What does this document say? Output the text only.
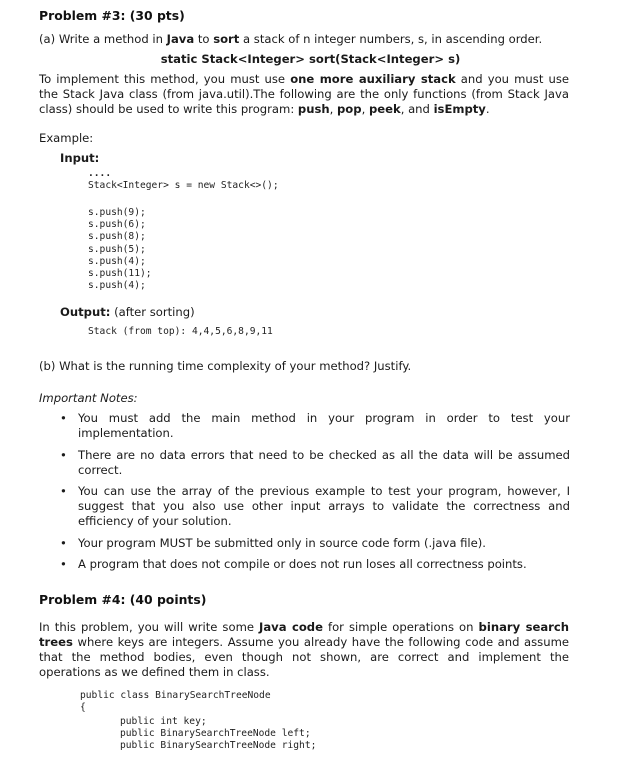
Problem #3: (30 pts)
(a) Write a method in Java to sort a stack of n integer numbers, s, in ascending order.
static Stack<Integer> sort(Stack<Integer> s)
To implement this method, you must use one more auxiliary stack and you must use the Stack Java class (from java.util).The following are the only functions (from Stack Java class) should be used to write this program: push, pop, peek, and isEmpty.
Example:
Input:
....
Stack<Integer> s = new Stack<>();
s.push(9);
s.push(6);
s.push(8);
s.push(5);
s.push(4);
s.push(11);
s.push(4);
Output: (after sorting)
Stack (from top): 4,4,5,6,8,9,11
(b) What is the running time complexity of your method? Justify.
Important Notes:
• You must add the main method in your program in order to test your implementation.
• There are no data errors that need to be checked as all the data will be assumed correct.
• You can use the array of the previous example to test your program, however, I suggest that you also use other input arrays to validate the correctness and efficiency of your solution.
• Your program MUST be submitted only in source code form (.java file).
• A program that does not compile or does not run loses all correctness points.
Problem #4: (40 points)
In this problem, you will write some Java code for simple operations on binary search trees where keys are integers. Assume you already have the following code and assume that the method bodies, even though not shown, are correct and implement the operations as we defined them in class.
public class BinarySearchTreeNode
{
public int key;
public BinarySearchTreeNode left;
public BinarySearchTreeNode right;
